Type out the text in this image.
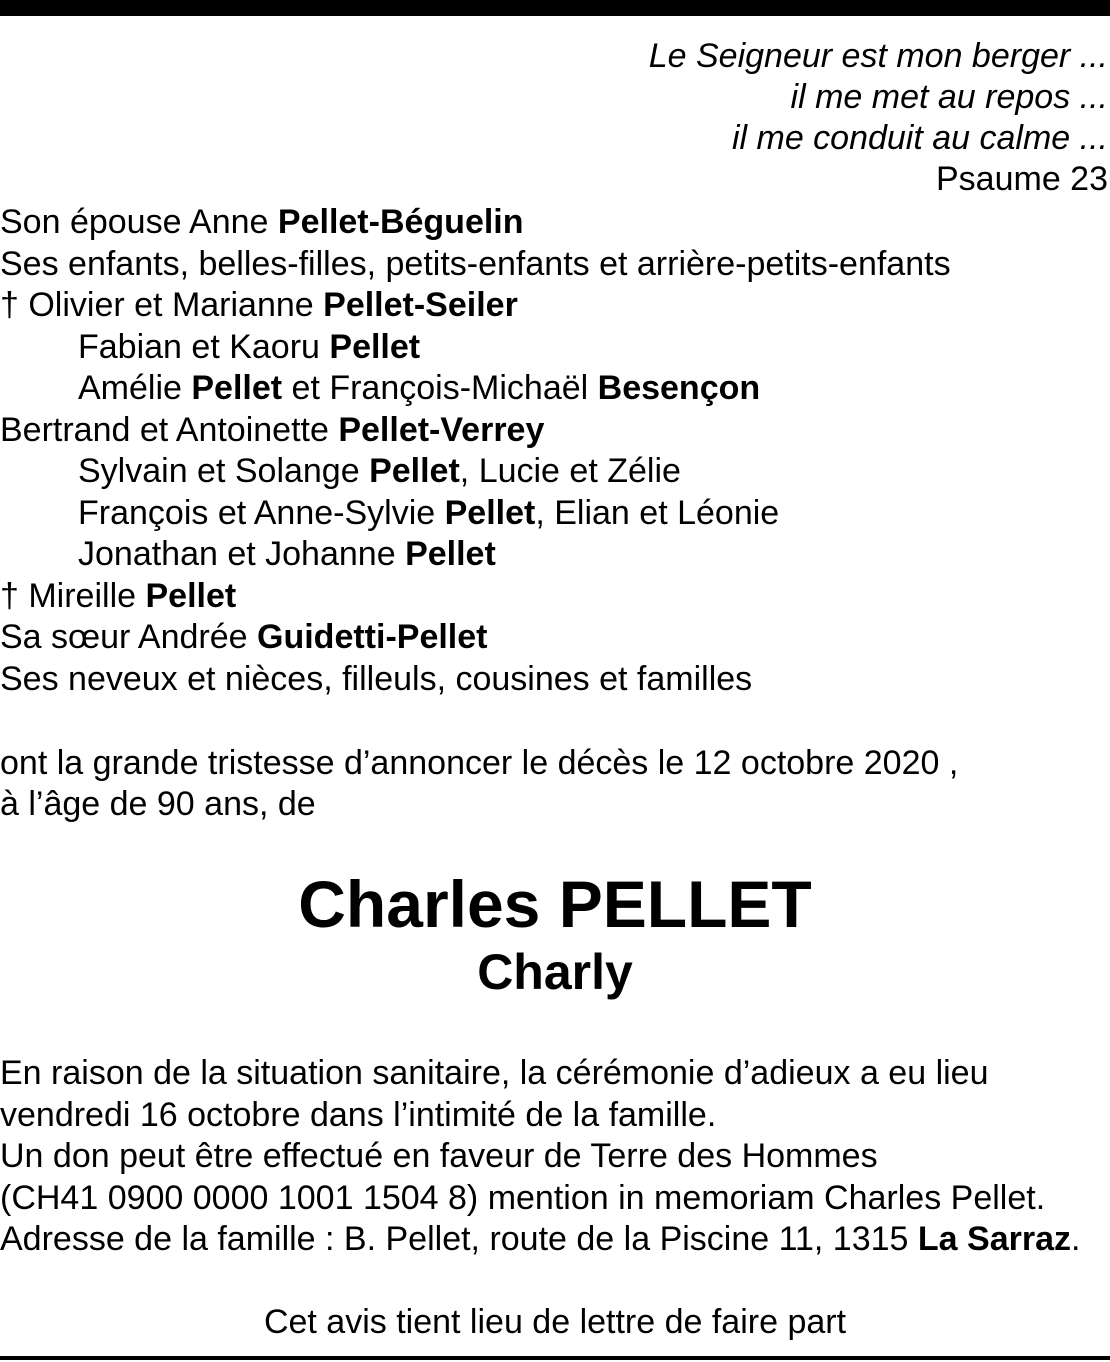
Le Seigneur est mon berger ...
il me met au repos ...
il me conduit au calme ...
Psaume 23
Son épouse Anne Pellet-Béguelin
Ses enfants, belles-filles, petits-enfants et arrière-petits-enfants
† Olivier et Marianne Pellet-Seiler
Fabian et Kaoru Pellet
Amélie Pellet et François-Michaël Besençon
Bertrand et Antoinette Pellet-Verrey
Sylvain et Solange Pellet, Lucie et Zélie
François et Anne-Sylvie Pellet, Elian et Léonie
Jonathan et Johanne Pellet
† Mireille Pellet
Sa sœur Andrée Guidetti-Pellet
Ses neveux et nièces, filleuls, cousines et familles
ont la grande tristesse d’annoncer le décès le 12 octobre 2020 ,
à l’âge de 90 ans, de
Charles PELLET
Charly
En raison de la situation sanitaire, la cérémonie d’adieux a eu lieu
vendredi 16 octobre dans l’intimité de la famille.
Un don peut être effectué en faveur de Terre des Hommes
(CH41 0900 0000 1001 1504 8) mention in memoriam Charles Pellet.
Adresse de la famille : B. Pellet, route de la Piscine 11, 1315 La Sarraz.
Cet avis tient lieu de lettre de faire part
